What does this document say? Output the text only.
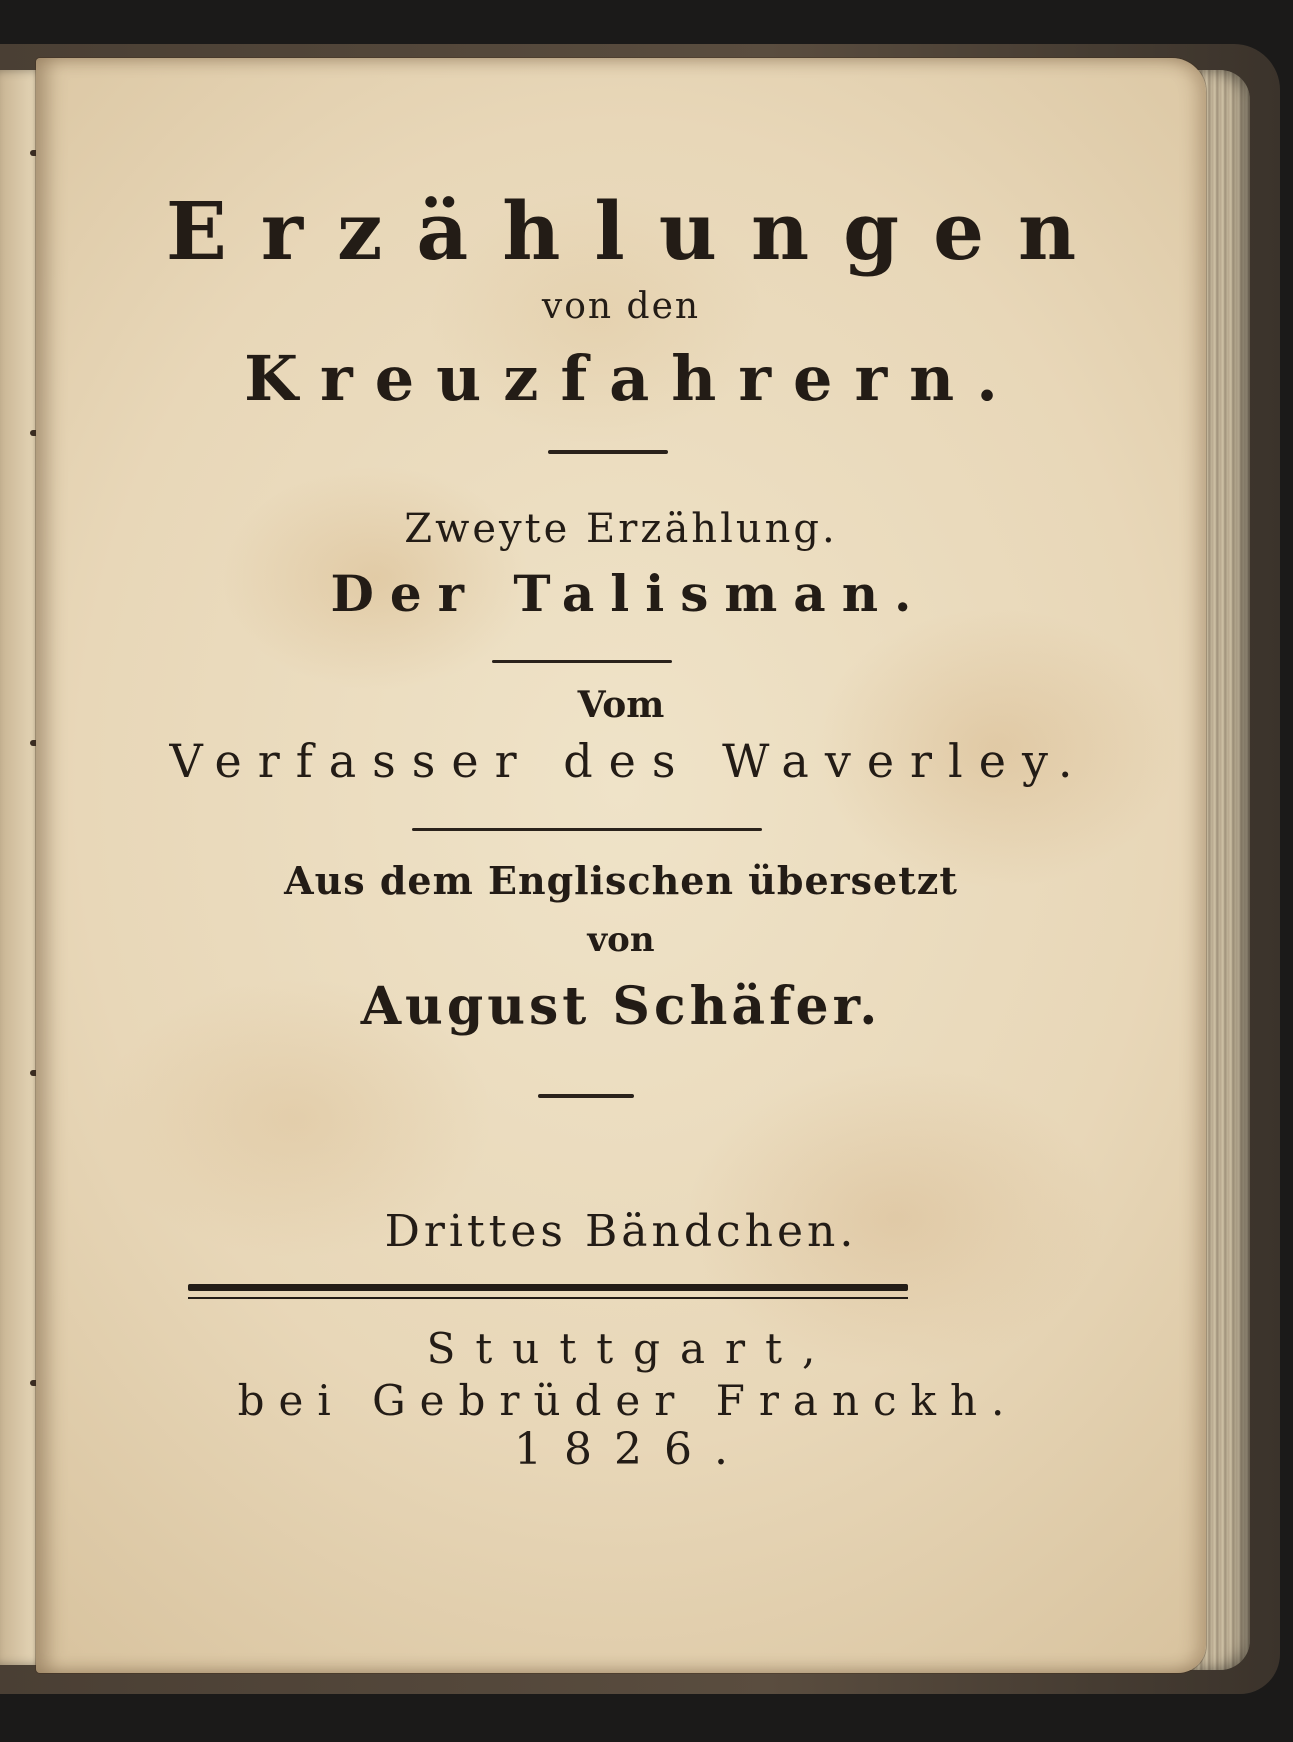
Erzählungen
von den
Kreuzfahrern.
Zweyte Erzählung.
Der Talisman.
Vom
Verfasser des Waverley.
Aus dem Englischen übersetzt
von
August Schäfer.
Drittes Bändchen.
Stuttgart,
bei Gebrüder Franckh.
1826.
